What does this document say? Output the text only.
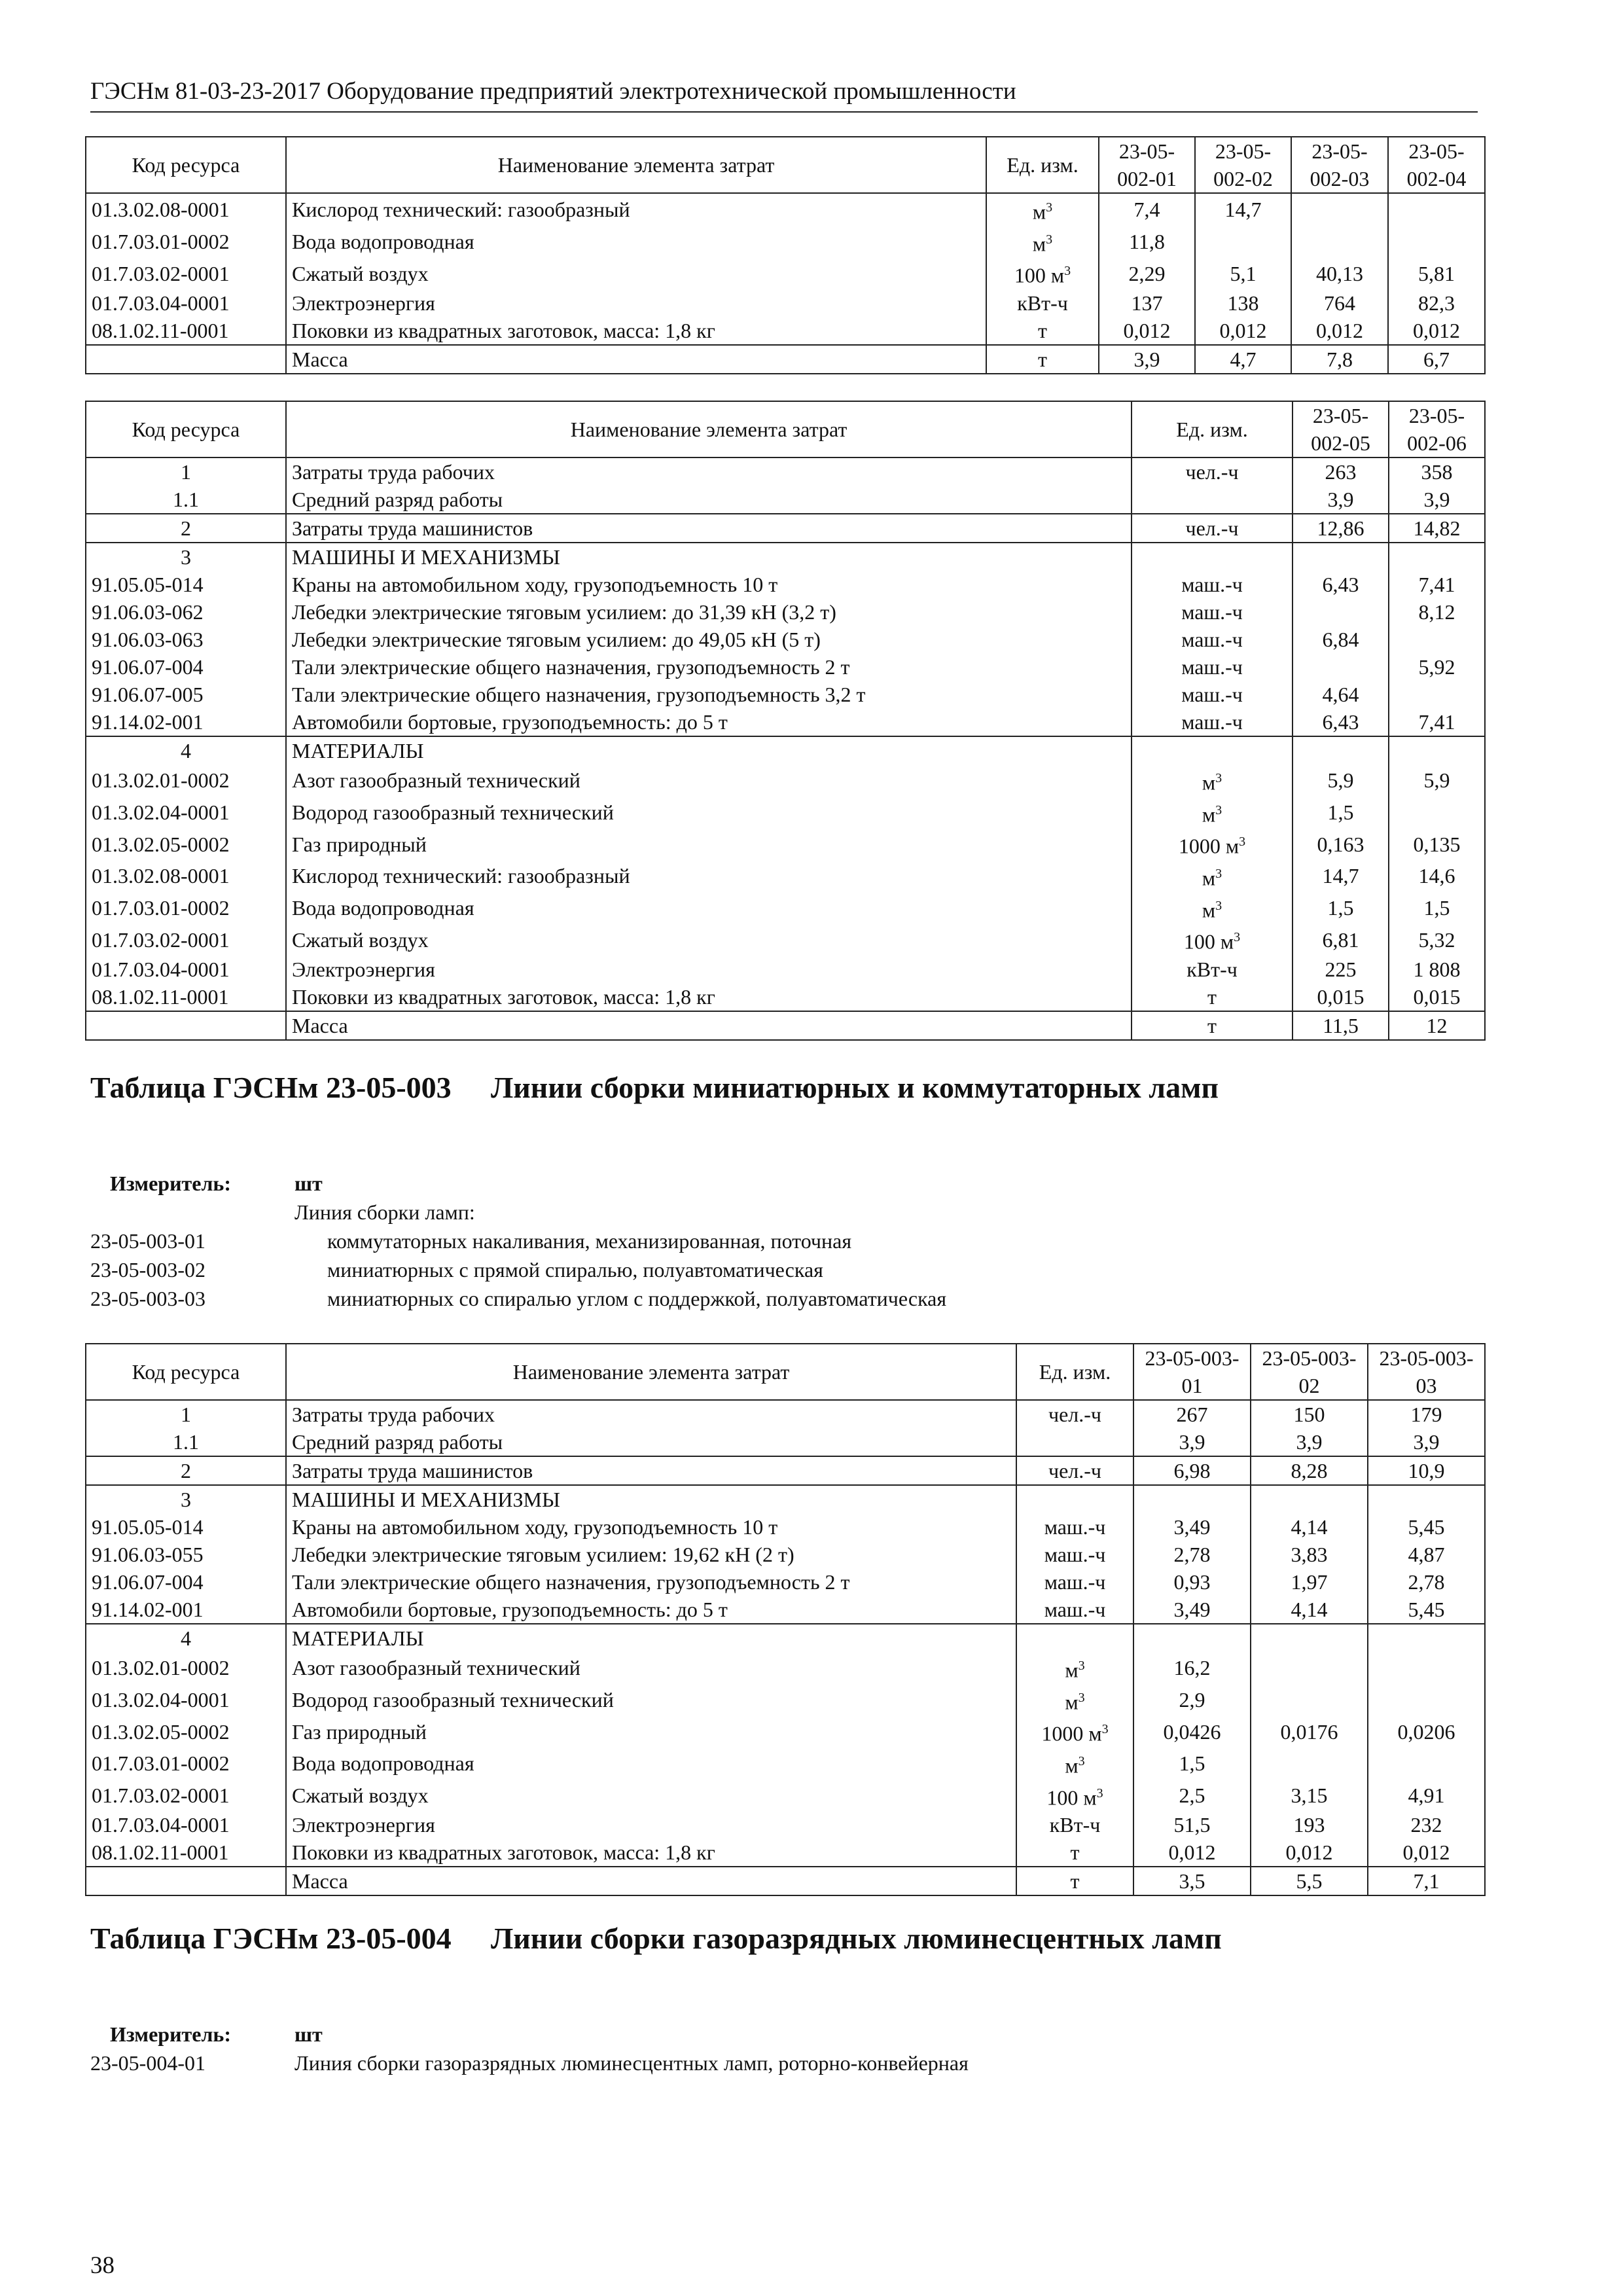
ГЭСНм 81-03-23-2017 Оборудование предприятий электротехнической промышленности
Код ресурса	Наименование элемента затрат	Ед. изм.	23-05-002-01	23-05-002-02	23-05-002-03	23-05-002-04
01.3.02.08-0001	Кислород технический: газообразный	$м^3$	7,4	14,7		
01.7.03.01-0002	Вода водопроводная	$м^3$	11,8			
01.7.03.02-0001	Сжатый воздух	100 $м^3$	2,29	5,1	40,13	5,81
01.7.03.04-0001	Электроэнергия	кВт-ч	137	138	764	82,3
08.1.02.11-0001	Поковки из квадратных заготовок, масса: 1,8 кг	т	0,012	0,012	0,012	0,012
	Масса	т	3,9	4,7	7,8	6,7
Код ресурса	Наименование элемента затрат	Ед. изм.	23-05-002-05	23-05-002-06
1	Затраты труда рабочих	чел.-ч	263	358
1.1	Средний разряд работы		3,9	3,9
2	Затраты труда машинистов	чел.-ч	12,86	14,82
3	МАШИНЫ И МЕХАНИЗМЫ			
91.05.05-014	Краны на автомобильном ходу, грузоподъемность 10 т	маш.-ч	6,43	7,41
91.06.03-062	Лебедки электрические тяговым усилием: до 31,39 кН (3,2 т)	маш.-ч		8,12
91.06.03-063	Лебедки электрические тяговым усилием: до 49,05 кН (5 т)	маш.-ч	6,84	
91.06.07-004	Тали электрические общего назначения, грузоподъемность 2 т	маш.-ч		5,92
91.06.07-005	Тали электрические общего назначения, грузоподъемность 3,2 т	маш.-ч	4,64	
91.14.02-001	Автомобили бортовые, грузоподъемность: до 5 т	маш.-ч	6,43	7,41
4	МАТЕРИАЛЫ			
01.3.02.01-0002	Азот газообразный технический	$м^3$	5,9	5,9
01.3.02.04-0001	Водород газообразный технический	$м^3$	1,5	
01.3.02.05-0002	Газ природный	1000 $м^3$	0,163	0,135
01.3.02.08-0001	Кислород технический: газообразный	$м^3$	14,7	14,6
01.7.03.01-0002	Вода водопроводная	$м^3$	1,5	1,5
01.7.03.02-0001	Сжатый воздух	100 $м^3$	6,81	5,32
01.7.03.04-0001	Электроэнергия	кВт-ч	225	1 808
08.1.02.11-0001	Поковки из квадратных заготовок, масса: 1,8 кг	т	0,015	0,015
	Масса	т	11,5	12
Таблица ГЭСНм 23-05-003 Линии сборки миниатюрных и коммутаторных ламп
Измеритель:	шт
Линия сборки ламп:
23-05-003-01	коммутаторных накаливания, механизированная, поточная
23-05-003-02	миниатюрных с прямой спиралью, полуавтоматическая
23-05-003-03	миниатюрных со спиралью углом с поддержкой, полуавтоматическая
Код ресурса	Наименование элемента затрат	Ед. изм.	23-05-003-01	23-05-003-02	23-05-003-03
1	Затраты труда рабочих	чел.-ч	267	150	179
1.1	Средний разряд работы		3,9	3,9	3,9
2	Затраты труда машинистов	чел.-ч	6,98	8,28	10,9
3	МАШИНЫ И МЕХАНИЗМЫ				
91.05.05-014	Краны на автомобильном ходу, грузоподъемность 10 т	маш.-ч	3,49	4,14	5,45
91.06.03-055	Лебедки электрические тяговым усилием: 19,62 кН (2 т)	маш.-ч	2,78	3,83	4,87
91.06.07-004	Тали электрические общего назначения, грузоподъемность 2 т	маш.-ч	0,93	1,97	2,78
91.14.02-001	Автомобили бортовые, грузоподъемность: до 5 т	маш.-ч	3,49	4,14	5,45
4	МАТЕРИАЛЫ				
01.3.02.01-0002	Азот газообразный технический	$м^3$	16,2		
01.3.02.04-0001	Водород газообразный технический	$м^3$	2,9		
01.3.02.05-0002	Газ природный	1000 $м^3$	0,0426	0,0176	0,0206
01.7.03.01-0002	Вода водопроводная	$м^3$	1,5		
01.7.03.02-0001	Сжатый воздух	100 $м^3$	2,5	3,15	4,91
01.7.03.04-0001	Электроэнергия	кВт-ч	51,5	193	232
08.1.02.11-0001	Поковки из квадратных заготовок, масса: 1,8 кг	т	0,012	0,012	0,012
	Масса	т	3,5	5,5	7,1
Таблица ГЭСНм 23-05-004 Линии сборки газоразрядных люминесцентных ламп
Измеритель:	шт
23-05-004-01	Линия сборки газоразрядных люминесцентных ламп, роторно-конвейерная
38
